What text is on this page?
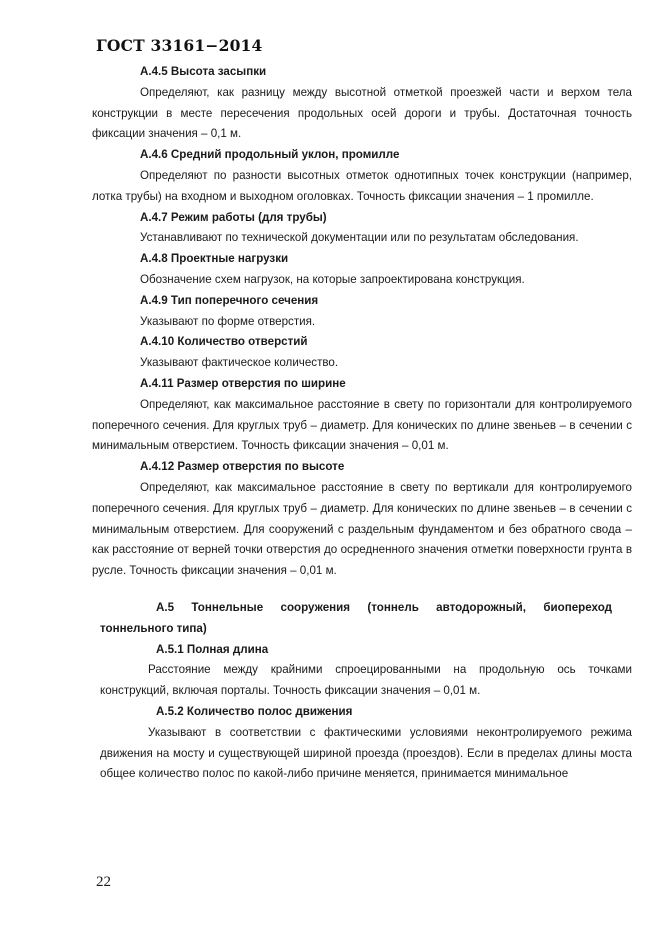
ГОСТ 33161−2014

А.4.5 Высота засыпки

Определяют, как разницу между высотной отметкой проезжей части и верхом тела конструкции в месте пересечения продольных осей дороги и трубы. Достаточная точность фиксации значения – 0,1 м.

А.4.6 Средний продольный уклон, промилле

Определяют по разности высотных отметок однотипных точек конструкции (например, лотка трубы) на входном и выходном оголовках. Точность фиксации значения – 1 промилле.

А.4.7 Режим работы (для трубы)

Устанавливают по технической документации или по результатам обследования.

А.4.8 Проектные нагрузки

Обозначение схем нагрузок, на которые запроектирована конструкция.

А.4.9 Тип поперечного сечения

Указывают по форме отверстия.

А.4.10 Количество отверстий

Указывают фактическое количество.

А.4.11 Размер отверстия по ширине

Определяют, как максимальное расстояние в свету по горизонтали для контролируемого поперечного сечения. Для круглых труб – диаметр. Для конических по длине звеньев – в сечении с минимальным отверстием. Точность фиксации значения – 0,01 м.

А.4.12 Размер отверстия по высоте

Определяют, как максимальное расстояние в свету по вертикали для контролируемого поперечного сечения. Для круглых труб – диаметр. Для конических по длине звеньев – в сечении с минимальным отверстием. Для сооружений с раздельным фундаментом и без обратного свода – как расстояние от верней точки отверстия до осредненного значения отметки поверхности грунта в русле. Точность фиксации значения – 0,01 м.

А.5 Тоннельные сооружения (тоннель автодорожный, биопереход тоннельного типа)

А.5.1 Полная длина

Расстояние между крайними спроецированными на продольную ось точками конструкций, включая порталы. Точность фиксации значения – 0,01 м.

А.5.2 Количество полос движения

Указывают в соответствии с фактическими условиями неконтролируемого режима движения на мосту и существующей шириной проезда (проездов). Если в пределах длины моста общее количество полос по какой-либо причине меняется, принимается минимальное

22
